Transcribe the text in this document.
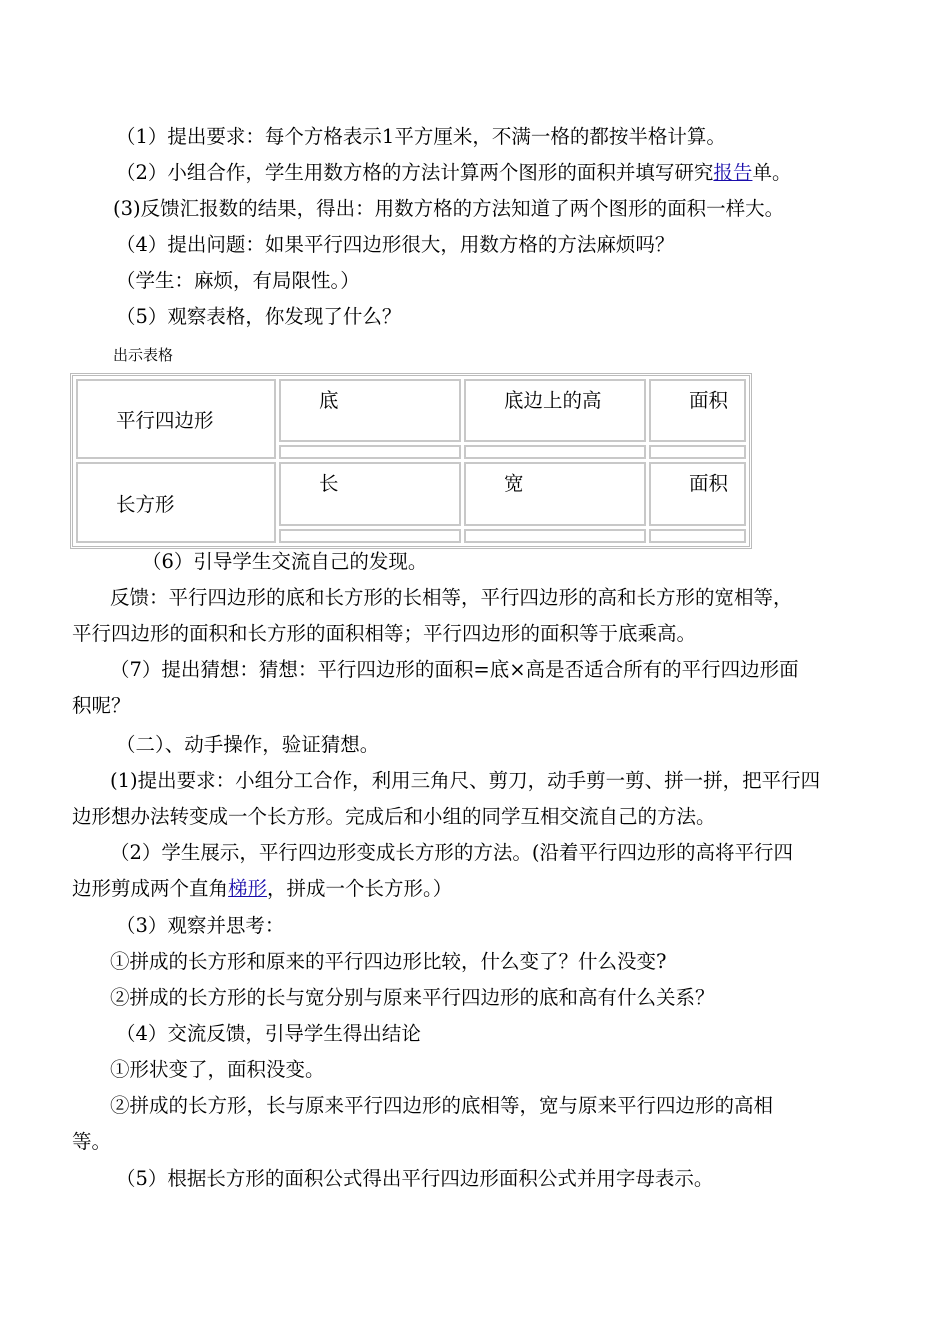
（1）提出要求：每个方格表示1平方厘米，不满一格的都按半格计算。
（2）小组合作，学生用数方格的方法计算两个图形的面积并填写研究报告单。
(3)反馈汇报数的结果，得出：用数方格的方法知道了两个图形的面积一样大。
（4）提出问题：如果平行四边形很大，用数方格的方法麻烦吗？
（学生：麻烦，有局限性。）
（5）观察表格，你发现了什么？
出示表格
平行四边形	底	底边上的高	面积

长方形	长	宽	面积

（6）引导学生交流自己的发现。
反馈：平行四边形的底和长方形的长相等，平行四边形的高和长方形的宽相等，
平行四边形的面积和长方形的面积相等；平行四边形的面积等于底乘高。
（7）提出猜想：猜想：平行四边形的面积=底×高是否适合所有的平行四边形面
积呢？
（二）、动手操作，验证猜想。
(1)提出要求：小组分工合作，利用三角尺、剪刀，动手剪一剪、拼一拼，把平行四
边形想办法转变成一个长方形。完成后和小组的同学互相交流自己的方法。
（2）学生展示，平行四边形变成长方形的方法。(沿着平行四边形的高将平行四
边形剪成两个直角梯形，拼成一个长方形。）
（3）观察并思考：
①拼成的长方形和原来的平行四边形比较，什么变了？什么没变?
②拼成的长方形的长与宽分别与原来平行四边形的底和高有什么关系？
（4）交流反馈，引导学生得出结论
①形状变了，面积没变。
②拼成的长方形，长与原来平行四边形的底相等，宽与原来平行四边形的高相
等。
（5）根据长方形的面积公式得出平行四边形面积公式并用字母表示。
